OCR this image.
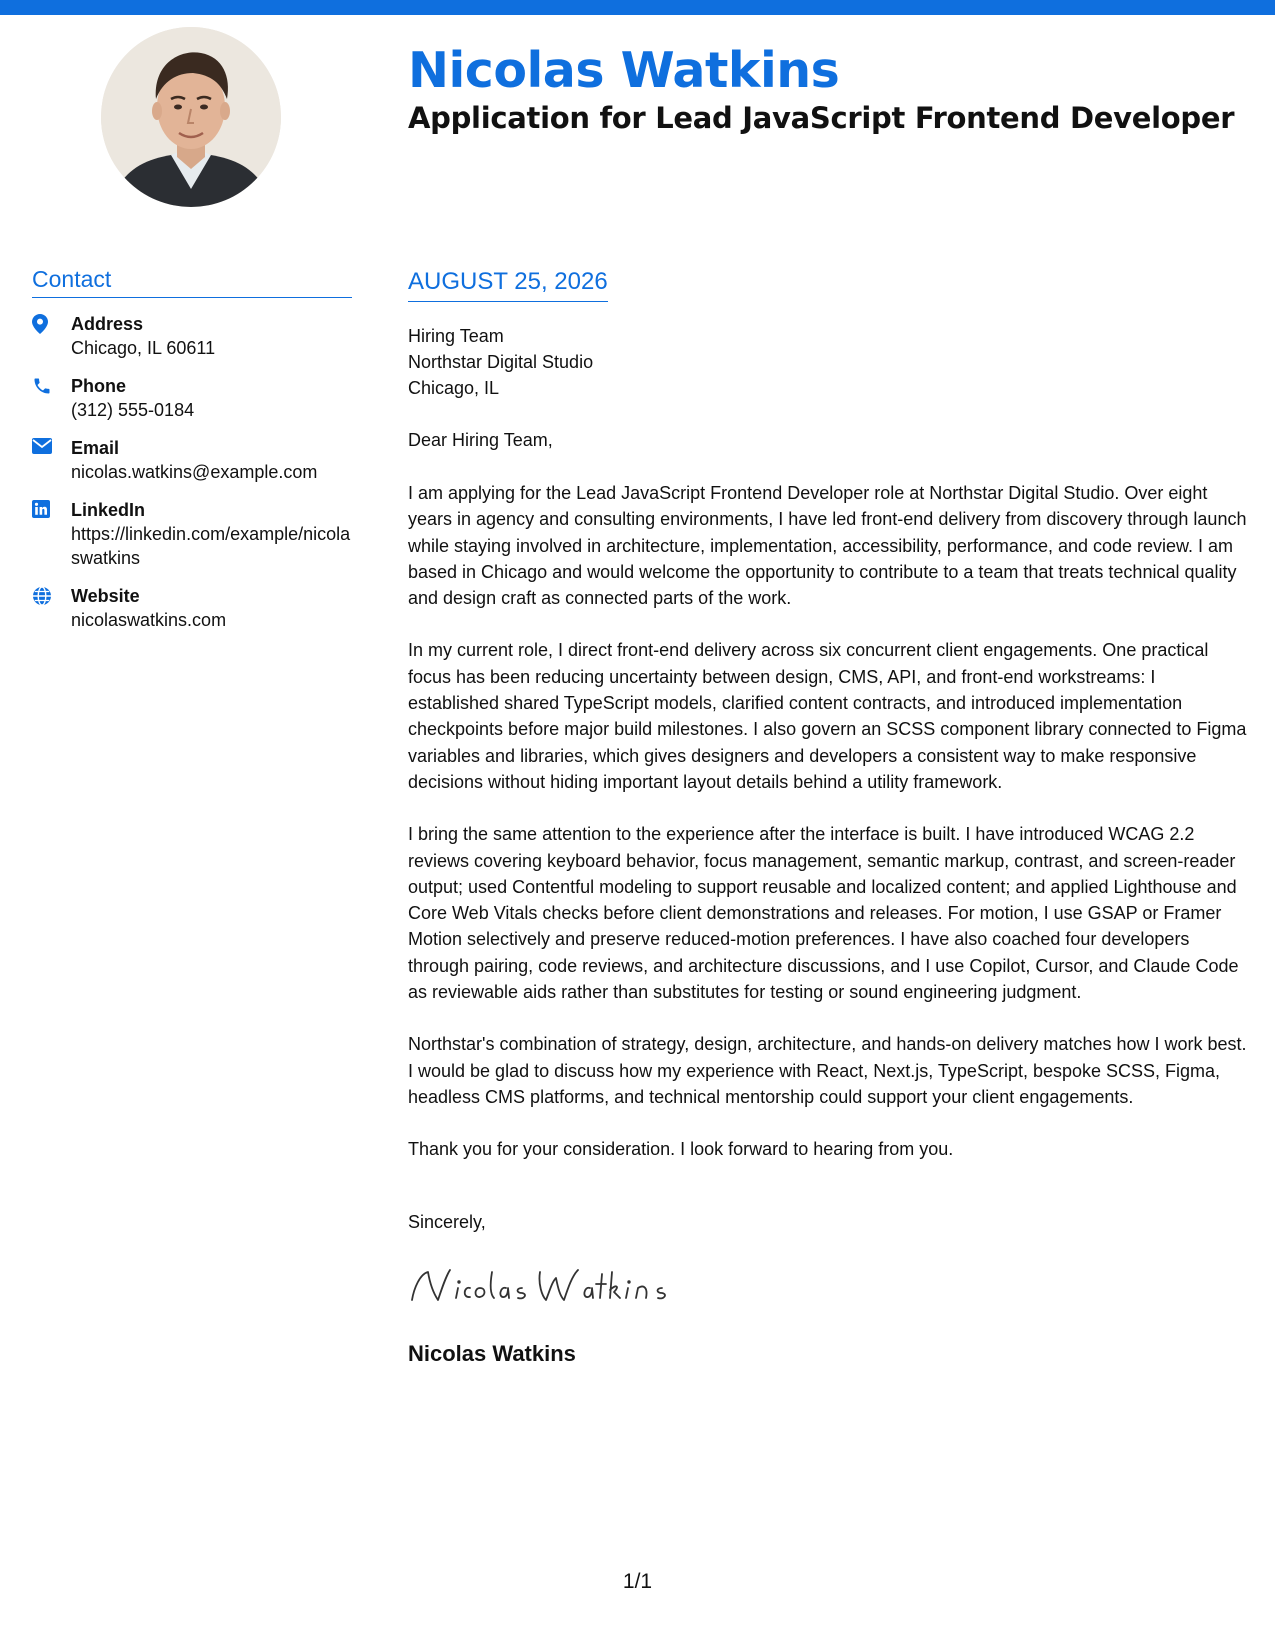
Nicolas Watkins
Application for Lead JavaScript Frontend Developer
Contact
Address
Chicago, IL 60611
Phone
(312) 555-0184
Email
nicolas.watkins@example.com
LinkedIn
https://linkedin.com/example/nicolaswatkins
Website
nicolaswatkins.com
AUGUST 25, 2026
Hiring Team
Northstar Digital Studio
Chicago, IL
Dear Hiring Team,

I am applying for the Lead JavaScript Frontend Developer role at Northstar Digital Studio. Over eight years in agency and consulting environments, I have led front-end delivery from discovery through launch while staying involved in architecture, implementation, accessibility, performance, and code review. I am based in Chicago and would welcome the opportunity to contribute to a team that treats technical quality and design craft as connected parts of the work.

In my current role, I direct front-end delivery across six concurrent client engagements. One practical focus has been reducing uncertainty between design, CMS, API, and front-end workstreams: I established shared TypeScript models, clarified content contracts, and introduced implementation checkpoints before major build milestones. I also govern an SCSS component library connected to Figma variables and libraries, which gives designers and developers a consistent way to make responsive decisions without hiding important layout details behind a utility framework.

I bring the same attention to the experience after the interface is built. I have introduced WCAG 2.2 reviews covering keyboard behavior, focus management, semantic markup, contrast, and screen-reader output; used Contentful modeling to support reusable and localized content; and applied Lighthouse and Core Web Vitals checks before client demonstrations and releases. For motion, I use GSAP or Framer Motion selectively and preserve reduced-motion preferences. I have also coached four developers through pairing, code reviews, and architecture discussions, and I use Copilot, Cursor, and Claude Code as reviewable aids rather than substitutes for testing or sound engineering judgment.

Northstar's combination of strategy, design, architecture, and hands-on delivery matches how I work best. I would be glad to discuss how my experience with React, Next.js, TypeScript, bespoke SCSS, Figma, headless CMS platforms, and technical mentorship could support your client engagements.

Thank you for your consideration. I look forward to hearing from you.

Sincerely,
Nicolas Watkins
1/1
